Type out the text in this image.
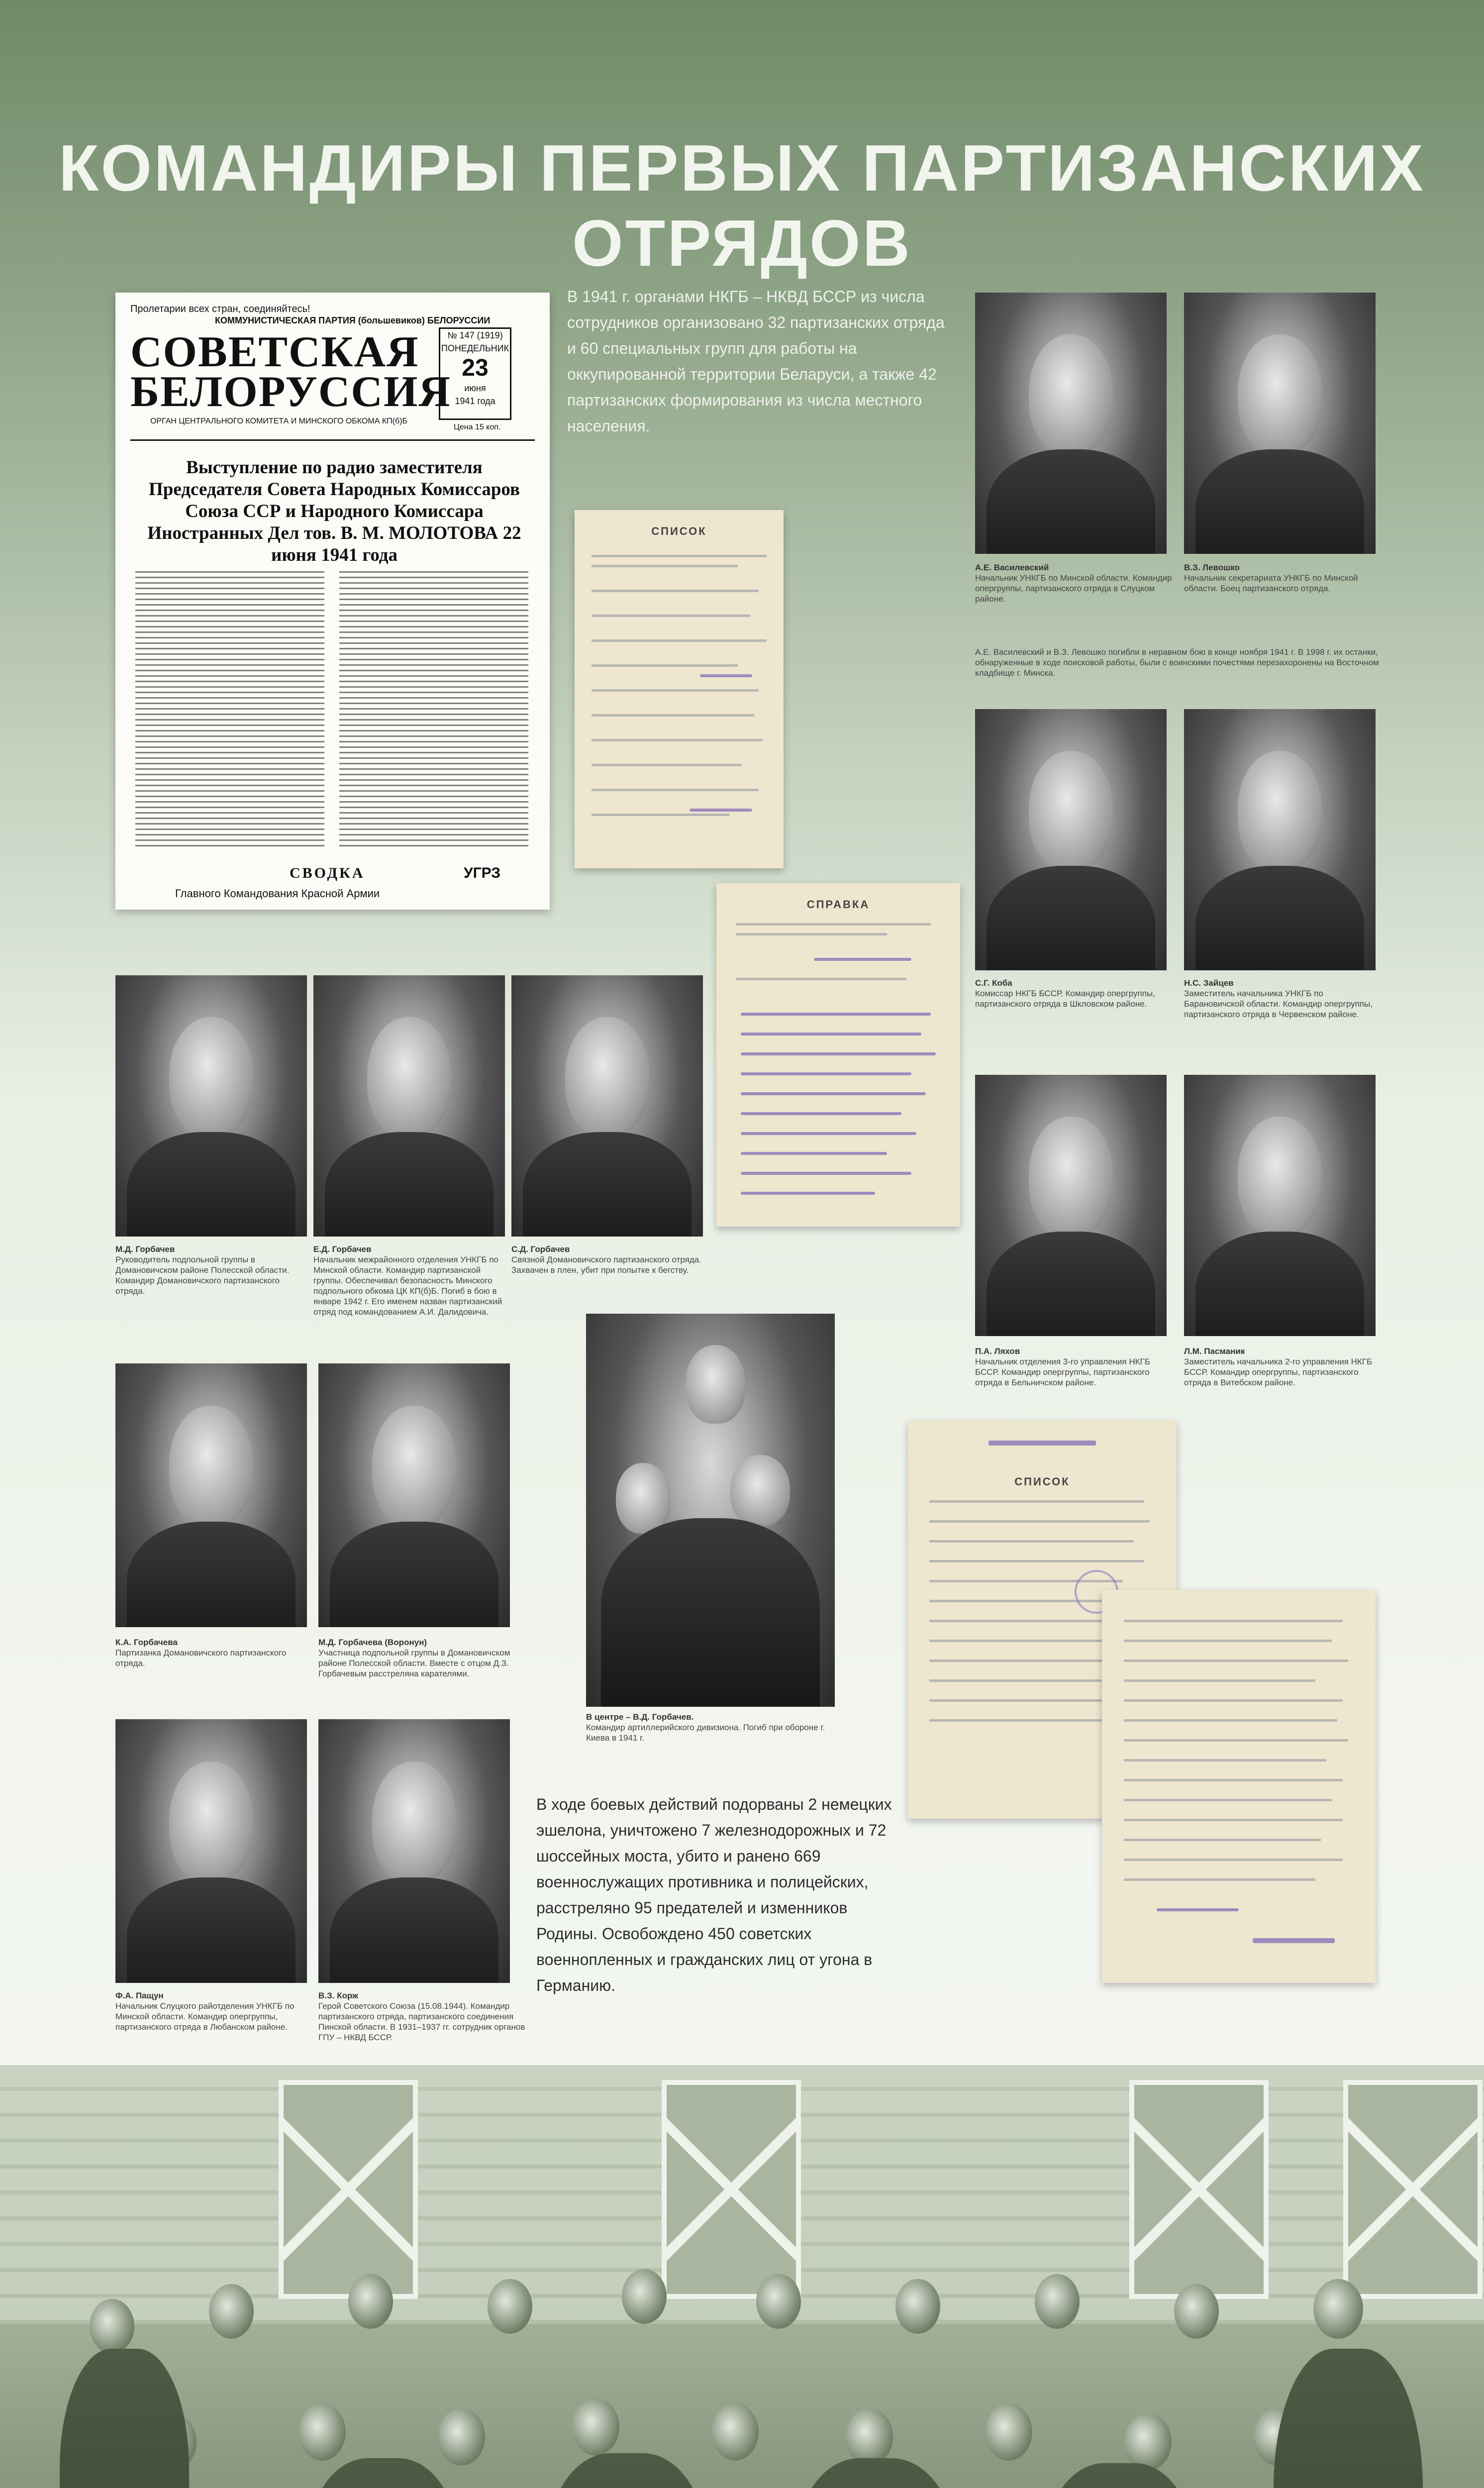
КОМАНДИРЫ ПЕРВЫХ ПАРТИЗАНСКИХ ОТРЯДОВ
Пролетарии всех стран, соединяйтесь!
КОММУНИСТИЧЕСКАЯ ПАРТИЯ (большевиков) БЕЛОРУССИИ
СОВЕТСКАЯ
БЕЛОРУССИЯ
ОРГАН ЦЕНТРАЛЬНОГО КОМИТЕТА И МИНСКОГО ОБКОМА КП(б)Б
№ 147 (1919)
ПОНЕДЕЛЬНИК
23
июня
1941 года
Цена 15 коп.
Выступление по радио заместителя Председателя Совета Народных Комиссаров Союза ССР и Народного Комиссара Иностранных Дел тов. В. М. МОЛОТОВА 22 июня 1941 года
СВОДКА
Главного Командования Красной Армии
УГРЗ
В 1941 г. органами НКГБ – НКВД БССР из числа сотрудников организовано 32 партизанских отряда и 60 специальных групп для работы на оккупированной территории Беларуси, а также 42 партизанских формирования из числа местного населения.
СПИСОК
СПРАВКА
СПИСОК
А.Е. Василевский
Начальник УНКГБ по Минской области. Командир опергруппы, партизанского отряда в Слуцком районе.
В.З. Левошко
Начальник секретариата УНКГБ по Минской области. Боец партизанского отряда.
А.Е. Василевский и В.З. Левошко погибли в неравном бою в конце ноября 1941 г. В 1998 г. их останки, обнаруженные в ходе поисковой работы, были с воинскими почестями перезахоронены на Восточном кладбище г. Минска.
С.Г. Коба
Комиссар НКГБ БССР. Командир опергруппы, партизанского отряда в Шкловском районе.
Н.С. Зайцев
Заместитель начальника УНКГБ по Барановичской области. Командир опергруппы, партизанского отряда в Червенском районе.
П.А. Ляхов
Начальник отделения 3-го управления НКГБ БССР. Командир опергруппы, партизанского отряда в Бельничском районе.
Л.М. Пасманик
Заместитель начальника 2-го управления НКГБ БССР. Командир опергруппы, партизанского отряда в Витебском районе.
М.Д. Горбачев
Руководитель подпольной группы в Домановичском районе Полесской области. Командир Домановичского партизанского отряда.
Е.Д. Горбачев
Начальник межрайонного отделения УНКГБ по Минской области. Командир партизанской группы. Обеспечивал безопасность Минского подпольного обкома ЦК КП(б)Б. Погиб в бою в январе 1942 г. Его именем назван партизанский отряд под командованием А.И. Далидовича.
С.Д. Горбачев
Связной Домановичского партизанского отряда. Захвачен в плен, убит при попытке к бегству.
К.А. Горбачева
Партизанка Домановичского партизанского отряда.
М.Д. Горбачева (Воронун)
Участница подпольной группы в Домановичском районе Полесской области. Вместе с отцом Д.З. Горбачевым расстреляна карателями.
В центре – В.Д. Горбачев.
Командир артиллерийского дивизиона. Погиб при обороне г. Киева в 1941 г.
Ф.А. Пащун
Начальник Слуцкого райотделения УНКГБ по Минской области. Командир опергруппы, партизанского отряда в Любанском районе.
В.З. Корж
Герой Советского Союза (15.08.1944). Командир партизанского отряда, партизанского соединения Пинской области. В 1931–1937 гг. сотрудник органов ГПУ – НКВД БССР.
В ходе боевых действий подорваны 2 немецких эшелона, уничтожено 7 железнодорожных и 72 шоссейных моста, убито и ранено 669 военнослужащих противника и полицейских, расстреляно 95 предателей и изменников Родины. Освобождено 450 советских военнопленных и гражданских лиц от угона в Германию.
